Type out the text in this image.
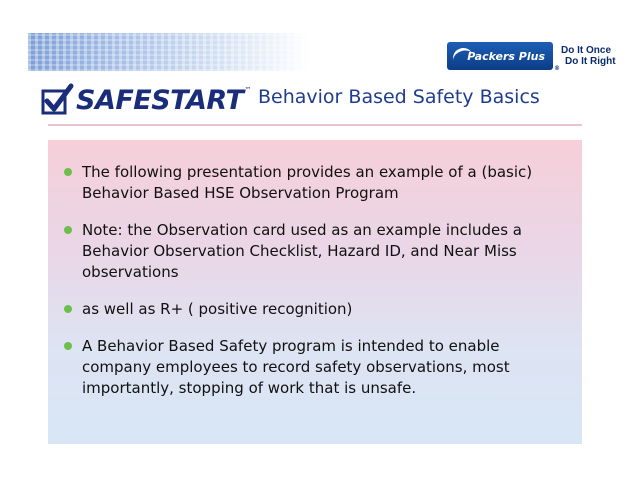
SAFESTART ™ Behavior Based Safety Basics
Packers Plus
®
Do It Once
Do It Right
The following presentation provides an example of a (basic) Behavior Based HSE Observation Program
Note: the Observation card used as an example includes a Behavior Observation Checklist, Hazard ID, and Near Miss observations
as well as R+ ( positive recognition)
A Behavior Based Safety program is intended to enable company employees to record safety observations, most importantly, stopping of work that is unsafe.
